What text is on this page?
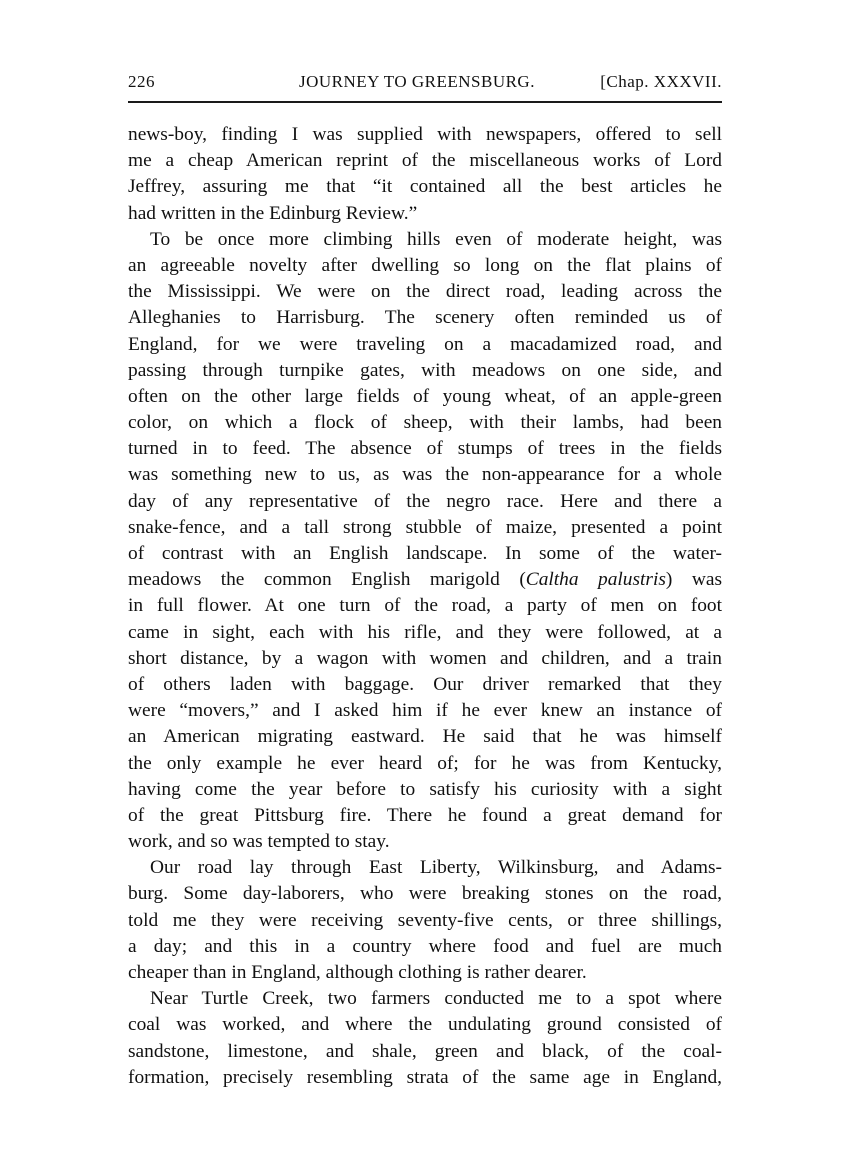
226	JOURNEY TO GREENSBURG.	[Chap. XXXVII.
news-boy, finding I was supplied with newspapers, offered to sell
me a cheap American reprint of the miscellaneous works of Lord
Jeffrey, assuring me that “it contained all the best articles he
had written in the Edinburg Review.”
To be once more climbing hills even of moderate height, was
an agreeable novelty after dwelling so long on the flat plains of
the Mississippi. We were on the direct road, leading across the
Alleghanies to Harrisburg. The scenery often reminded us of
England, for we were traveling on a macadamized road, and
passing through turnpike gates, with meadows on one side, and
often on the other large fields of young wheat, of an apple-green
color, on which a flock of sheep, with their lambs, had been
turned in to feed. The absence of stumps of trees in the fields
was something new to us, as was the non-appearance for a whole
day of any representative of the negro race. Here and there a
snake-fence, and a tall strong stubble of maize, presented a point
of contrast with an English landscape. In some of the water-
meadows the common English marigold (Caltha palustris) was
in full flower. At one turn of the road, a party of men on foot
came in sight, each with his rifle, and they were followed, at a
short distance, by a wagon with women and children, and a train
of others laden with baggage. Our driver remarked that they
were “movers,” and I asked him if he ever knew an instance of
an American migrating eastward. He said that he was himself
the only example he ever heard of; for he was from Kentucky,
having come the year before to satisfy his curiosity with a sight
of the great Pittsburg fire. There he found a great demand for
work, and so was tempted to stay.
Our road lay through East Liberty, Wilkinsburg, and Adams-
burg. Some day-laborers, who were breaking stones on the road,
told me they were receiving seventy-five cents, or three shillings,
a day; and this in a country where food and fuel are much
cheaper than in England, although clothing is rather dearer.
Near Turtle Creek, two farmers conducted me to a spot where
coal was worked, and where the undulating ground consisted of
sandstone, limestone, and shale, green and black, of the coal-
formation, precisely resembling strata of the same age in England,
